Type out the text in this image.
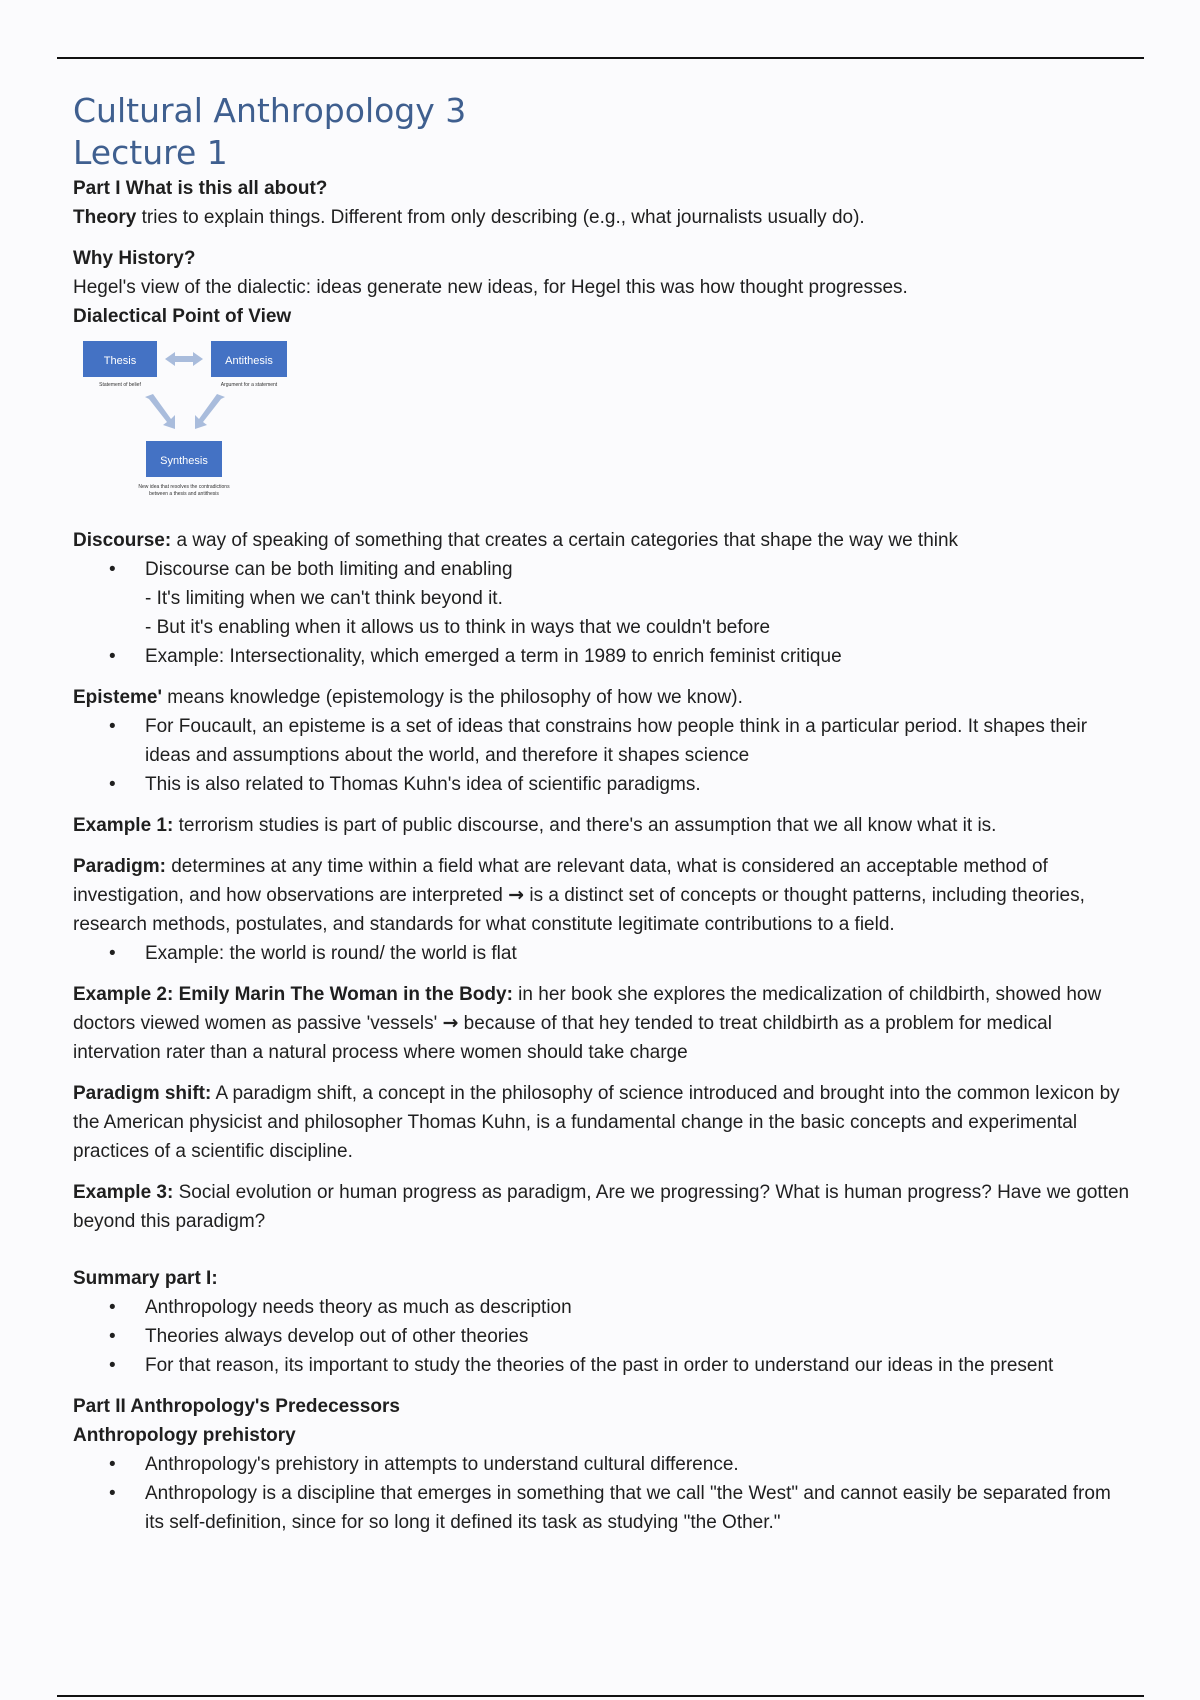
Cultural Anthropology 3
Lecture 1

Part I What is this all about?

Theory tries to explain things. Different from only describing (e.g., what journalists usually do).

Why History?

Hegel's view of the dialectic: ideas generate new ideas, for Hegel this was how thought progresses.

Dialectical Point of View

Thesis
Statement of belief
Antithesis
Argument for a statement
Synthesis
New idea that resolves the contradictions
between a thesis and antithesis

Discourse: a way of speaking of something that creates a certain categories that shape the way we think

• Discourse can be both limiting and enabling
- It's limiting when we can't think beyond it.
- But it's enabling when it allows us to think in ways that we couldn't before
• Example: Intersectionality, which emerged a term in 1989 to enrich feminist critique

Episteme' means knowledge (epistemology is the philosophy of how we know).

• For Foucault, an episteme is a set of ideas that constrains how people think in a particular period. It shapes their ideas and assumptions about the world, and therefore it shapes science
• This is also related to Thomas Kuhn's idea of scientific paradigms.

Example 1: terrorism studies is part of public discourse, and there's an assumption that we all know what it is.

Paradigm: determines at any time within a field what are relevant data, what is considered an acceptable method of investigation, and how observations are interpreted → is a distinct set of concepts or thought patterns, including theories, research methods, postulates, and standards for what constitute legitimate contributions to a field.

• Example: the world is round/ the world is flat

Example 2: Emily Marin The Woman in the Body: in her book she explores the medicalization of childbirth, showed how doctors viewed women as passive 'vessels' → because of that hey tended to treat childbirth as a problem for medical intervation rater than a natural process where women should take charge

Paradigm shift: A paradigm shift, a concept in the philosophy of science introduced and brought into the common lexicon by the American physicist and philosopher Thomas Kuhn, is a fundamental change in the basic concepts and experimental practices of a scientific discipline.

Example 3: Social evolution or human progress as paradigm, Are we progressing? What is human progress? Have we gotten beyond this paradigm?

Summary part I:

• Anthropology needs theory as much as description
• Theories always develop out of other theories
• For that reason, its important to study the theories of the past in order to understand our ideas in the present

Part II Anthropology's Predecessors

Anthropology prehistory

• Anthropology's prehistory in attempts to understand cultural difference.
• Anthropology is a discipline that emerges in something that we call "the West" and cannot easily be separated from its self-definition, since for so long it defined its task as studying "the Other."
